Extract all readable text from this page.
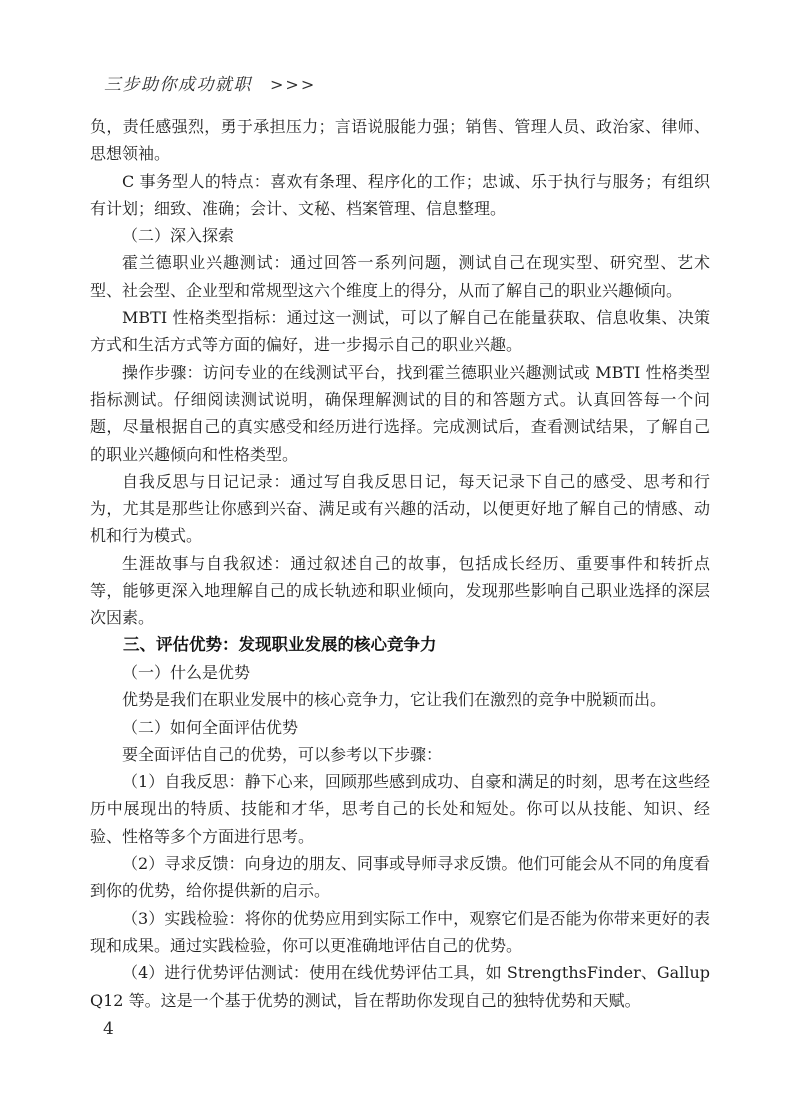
三步助你成功就职 >>>

负，责任感强烈，勇于承担压力；言语说服能力强；销售、管理人员、政治家、律师、思想领袖。

C 事务型人的特点：喜欢有条理、程序化的工作；忠诚、乐于执行与服务；有组织有计划；细致、准确；会计、文秘、档案管理、信息整理。

（二）深入探索

霍兰德职业兴趣测试：通过回答一系列问题，测试自己在现实型、研究型、艺术型、社会型、企业型和常规型这六个维度上的得分，从而了解自己的职业兴趣倾向。

MBTI 性格类型指标：通过这一测试，可以了解自己在能量获取、信息收集、决策方式和生活方式等方面的偏好，进一步揭示自己的职业兴趣。

操作步骤：访问专业的在线测试平台，找到霍兰德职业兴趣测试或 MBTI 性格类型指标测试。仔细阅读测试说明，确保理解测试的目的和答题方式。认真回答每一个问题，尽量根据自己的真实感受和经历进行选择。完成测试后，查看测试结果，了解自己的职业兴趣倾向和性格类型。

自我反思与日记记录：通过写自我反思日记，每天记录下自己的感受、思考和行为，尤其是那些让你感到兴奋、满足或有兴趣的活动，以便更好地了解自己的情感、动机和行为模式。

生涯故事与自我叙述：通过叙述自己的故事，包括成长经历、重要事件和转折点等，能够更深入地理解自己的成长轨迹和职业倾向，发现那些影响自己职业选择的深层次因素。

三、评估优势：发现职业发展的核心竞争力

（一）什么是优势

优势是我们在职业发展中的核心竞争力，它让我们在激烈的竞争中脱颖而出。

（二）如何全面评估优势

要全面评估自己的优势，可以参考以下步骤：

（1）自我反思：静下心来，回顾那些感到成功、自豪和满足的时刻，思考在这些经历中展现出的特质、技能和才华，思考自己的长处和短处。你可以从技能、知识、经验、性格等多个方面进行思考。

（2）寻求反馈：向身边的朋友、同事或导师寻求反馈。他们可能会从不同的角度看到你的优势，给你提供新的启示。

（3）实践检验：将你的优势应用到实际工作中，观察它们是否能为你带来更好的表现和成果。通过实践检验，你可以更准确地评估自己的优势。

（4）进行优势评估测试：使用在线优势评估工具，如 StrengthsFinder、Gallup Q12 等。这是一个基于优势的测试，旨在帮助你发现自己的独特优势和天赋。

4
